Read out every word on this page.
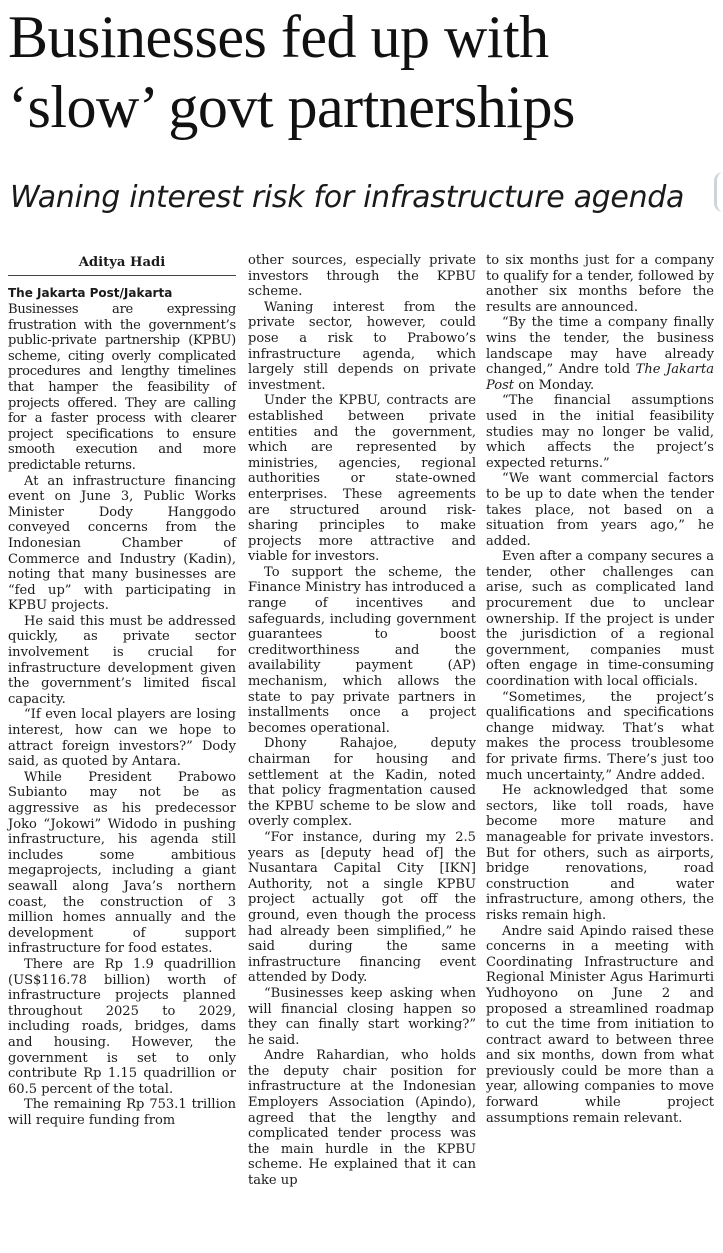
Businesses fed up with
‘slow’ govt partnerships
Waning interest risk for infrastructure agenda
Aditya Hadi
The Jakarta Post/Jakarta

Businesses are expressing frustration with the government’s public-private partnership (KPBU) scheme, citing overly complicated procedures and lengthy timelines that hamper the feasibility of projects offered. They are calling for a faster process with clearer project specifications to ensure smooth execution and more predictable returns.

At an infrastructure financing event on June 3, Public Works Minister Dody Hanggodo conveyed concerns from the Indonesian Chamber of Commerce and Industry (Kadin), noting that many businesses are “fed up” with participating in KPBU projects.

He said this must be addressed quickly, as private sector involvement is crucial for infrastructure development given the government’s limited fiscal capacity.

“If even local players are losing interest, how can we hope to attract foreign investors?” Dody said, as quoted by Antara.

While President Prabowo Subianto may not be as aggressive as his predecessor Joko “Jokowi” Widodo in pushing infrastructure, his agenda still includes some ambitious megaprojects, including a giant seawall along Java’s northern coast, the construction of 3 million homes annually and the development of support infrastructure for food estates.

There are Rp 1.9 quadrillion (US$116.78 billion) worth of infrastructure projects planned throughout 2025 to 2029, including roads, bridges, dams and housing. However, the government is set to only contribute Rp 1.15 quadrillion or 60.5 percent of the total.

The remaining Rp 753.1 trillion will require funding from

other sources, especially private investors through the KPBU scheme.

Waning interest from the private sector, however, could pose a risk to Prabowo’s infrastructure agenda, which largely still depends on private investment.

Under the KPBU, contracts are established between private entities and the government, which are represented by ministries, agencies, regional authorities or state-owned enterprises. These agreements are structured around risk-sharing principles to make projects more attractive and viable for investors.

To support the scheme, the Finance Ministry has introduced a range of incentives and safeguards, including government guarantees to boost creditworthiness and the availability payment (AP) mechanism, which allows the state to pay private partners in installments once a project becomes operational.

Dhony Rahajoe, deputy chairman for housing and settlement at the Kadin, noted that policy fragmentation caused the KPBU scheme to be slow and overly complex.

“For instance, during my 2.5 years as [deputy head of] the Nusantara Capital City [IKN] Authority, not a single KPBU project actually got off the ground, even though the process had already been simplified,” he said during the same infrastructure financing event attended by Dody.

“Businesses keep asking when will financial closing happen so they can finally start working?” he said.

Andre Rahardian, who holds the deputy chair position for infrastructure at the Indonesian Employers Association (Apindo), agreed that the lengthy and complicated tender process was the main hurdle in the KPBU scheme. He explained that it can take up

to six months just for a company to qualify for a tender, followed by another six months before the results are announced.

“By the time a company finally wins the tender, the business landscape may have already changed,” Andre told The Jakarta Post on Monday.

“The financial assumptions used in the initial feasibility studies may no longer be valid, which affects the project’s expected returns.”

“We want commercial factors to be up to date when the tender takes place, not based on a situation from years ago,” he added.

Even after a company secures a tender, other challenges can arise, such as complicated land procurement due to unclear ownership. If the project is under the jurisdiction of a regional government, companies must often engage in time-consuming coordination with local officials.

“Sometimes, the project’s qualifications and specifications change midway. That’s what makes the process troublesome for private firms. There’s just too much uncertainty,” Andre added.

He acknowledged that some sectors, like toll roads, have become more mature and manageable for private investors. But for others, such as airports, bridge renovations, road construction and water infrastructure, among others, the risks remain high.

Andre said Apindo raised these concerns in a meeting with Coordinating Infrastructure and Regional Minister Agus Harimurti Yudhoyono on June 2 and proposed a streamlined roadmap to cut the time from initiation to contract award to between three and six months, down from what previously could be more than a year, allowing companies to move forward while project assumptions remain relevant.
